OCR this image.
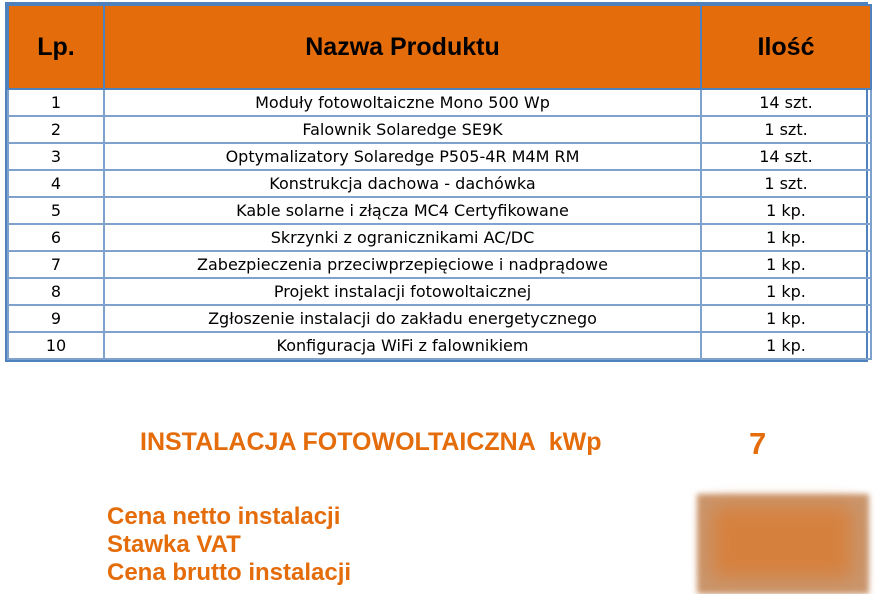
Lp.	Nazwa Produktu	Ilość
1	Moduły fotowoltaiczne Mono 500 Wp	14 szt.
2	Falownik Solaredge SE9K	1 szt.
3	Optymalizatory Solaredge P505-4R M4M RM	14 szt.
4	Konstrukcja dachowa - dachówka	1 szt.
5	Kable solarne i złącza MC4 Certyfikowane	1 kp.
6	Skrzynki z ogranicznikami AC/DC	1 kp.
7	Zabezpieczenia przeciwprzepięciowe i nadprądowe	1 kp.
8	Projekt instalacji fotowoltaicznej	1 kp.
9	Zgłoszenie instalacji do zakładu energetycznego	1 kp.
10	Konfiguracja WiFi z falownikiem	1 kp.
INSTALACJA FOTOWOLTAICZNA  kWp	7
Cena netto instalacji
Stawka VAT
Cena brutto instalacji
